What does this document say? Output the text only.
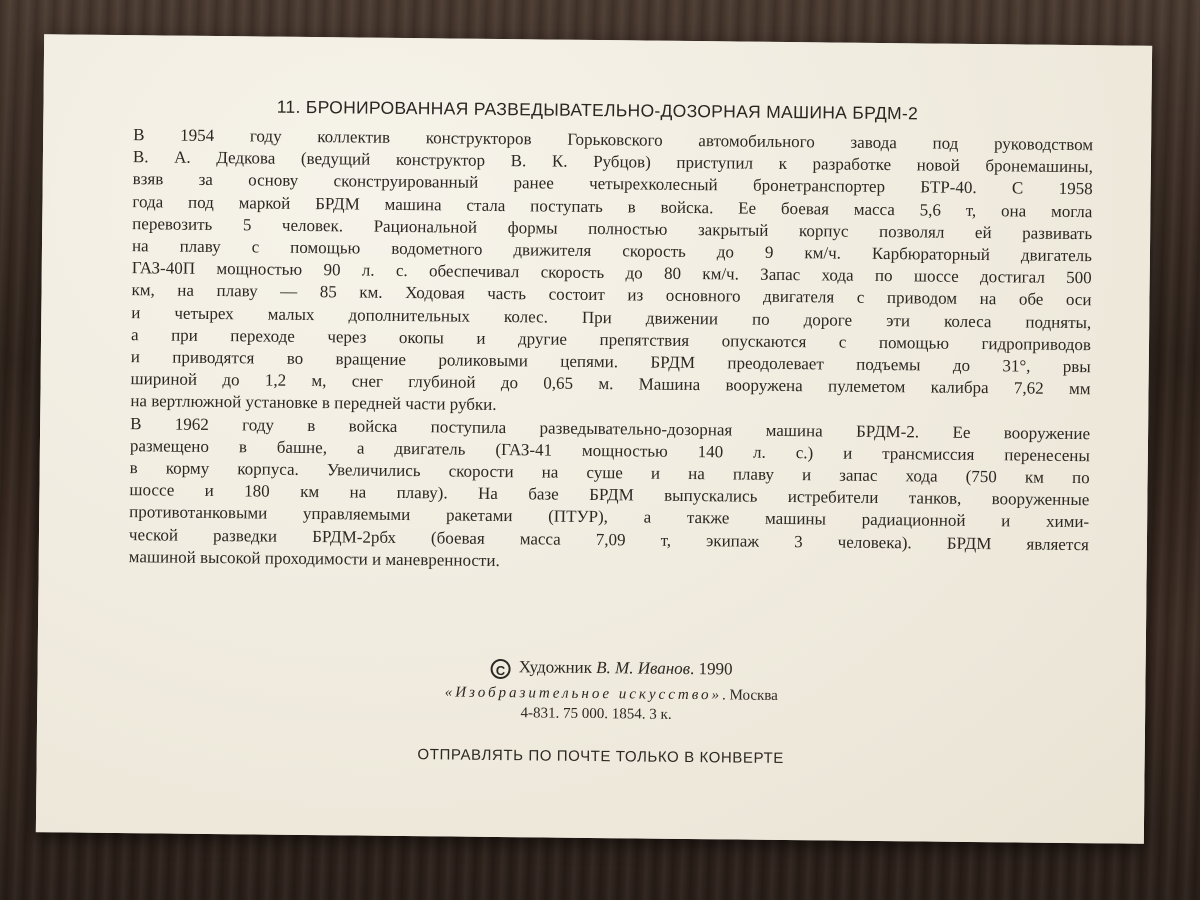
11. БРОНИРОВАННАЯ РАЗВЕДЫВАТЕЛЬНО-ДОЗОРНАЯ МАШИНА БРДМ-2
В 1954 году коллектив конструкторов Горьковского автомобильного завода под руководством
В. А. Дедкова (ведущий конструктор В. К. Рубцов) приступил к разработке новой бронемашины,
взяв за основу сконструированный ранее четырехколесный бронетранспортер БТР-40. С 1958
года под маркой БРДМ машина стала поступать в войска. Ее боевая масса 5,6 т, она могла
перевозить 5 человек. Рациональной формы полностью закрытый корпус позволял ей развивать
на плаву с помощью водометного движителя скорость до 9 км/ч. Карбюраторный двигатель
ГАЗ-40П мощностью 90 л. с. обеспечивал скорость до 80 км/ч. Запас хода по шоссе достигал 500
км, на плаву — 85 км. Ходовая часть состоит из основного двигателя с приводом на обе оси
и четырех малых дополнительных колес. При движении по дороге эти колеса подняты,
а при переходе через окопы и другие препятствия опускаются с помощью гидроприводов
и приводятся во вращение роликовыми цепями. БРДМ преодолевает подъемы до 31°, рвы
шириной до 1,2 м, снег глубиной до 0,65 м. Машина вооружена пулеметом калибра 7,62 мм
на вертлюжной установке в передней части рубки.
В 1962 году в войска поступила разведывательно-дозорная машина БРДМ-2. Ее вооружение
размещено в башне, а двигатель (ГАЗ-41 мощностью 140 л. с.) и трансмиссия перенесены
в корму корпуса. Увеличились скорости на суше и на плаву и запас хода (750 км по
шоссе и 180 км на плаву). На базе БРДМ выпускались истребители танков, вооруженные
противотанковыми управляемыми ракетами (ПТУР), а также машины радиационной и хими-
ческой разведки БРДМ-2рбх (боевая масса 7,09 т, экипаж 3 человека). БРДМ является
машиной высокой проходимости и маневренности.
C Художник В. М. Иванов. 1990
«Изобразительное искусство». Москва
4-831. 75 000. 1854. 3 к.
ОТПРАВЛЯТЬ ПО ПОЧТЕ ТОЛЬКО В КОНВЕРТЕ
